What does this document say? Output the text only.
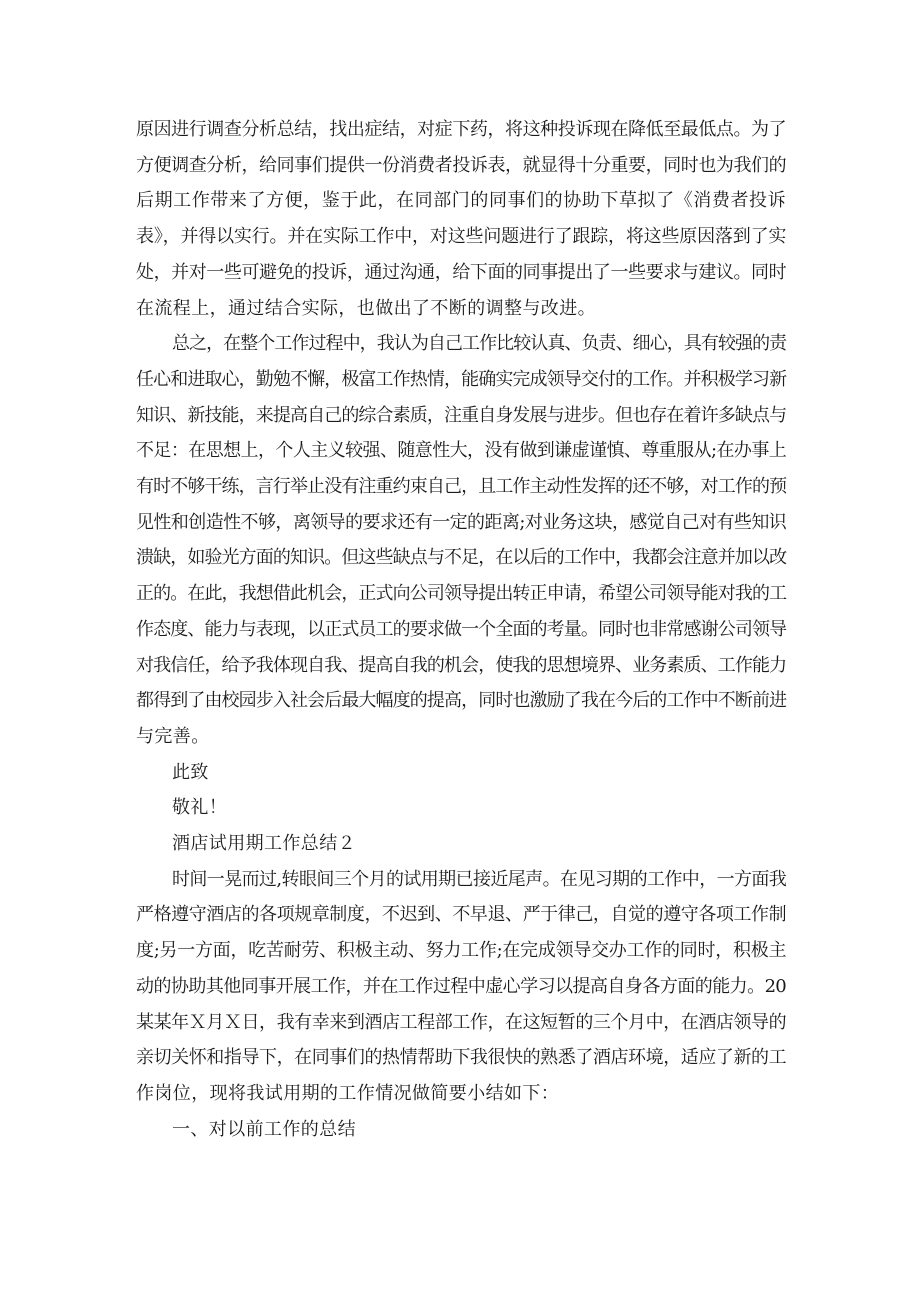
原因进行调查分析总结，找出症结，对症下药，将这种投诉现在降低至最低点。为了
方便调查分析，给同事们提供一份消费者投诉表，就显得十分重要，同时也为我们的
后期工作带来了方便，鉴于此，在同部门的同事们的协助下草拟了《消费者投诉
表》，并得以实行。并在实际工作中，对这些问题进行了跟踪，将这些原因落到了实
处，并对一些可避免的投诉，通过沟通，给下面的同事提出了一些要求与建议。同时
在流程上，通过结合实际，也做出了不断的调整与改进。
总之，在整个工作过程中，我认为自己工作比较认真、负责、细心，具有较强的责
任心和进取心，勤勉不懈，极富工作热情，能确实完成领导交付的工作。并积极学习新
知识、新技能，来提高自己的综合素质，注重自身发展与进步。但也存在着许多缺点与
不足：在思想上，个人主义较强、随意性大，没有做到谦虚谨慎、尊重服从;在办事上
有时不够干练，言行举止没有注重约束自己，且工作主动性发挥的还不够，对工作的预
见性和创造性不够，离领导的要求还有一定的距离;对业务这块，感觉自己对有些知识
溃缺，如验光方面的知识。但这些缺点与不足，在以后的工作中，我都会注意并加以改
正的。在此，我想借此机会，正式向公司领导提出转正申请，希望公司领导能对我的工
作态度、能力与表现，以正式员工的要求做一个全面的考量。同时也非常感谢公司领导
对我信任，给予我体现自我、提高自我的机会，使我的思想境界、业务素质、工作能力
都得到了由校园步入社会后最大幅度的提高，同时也激励了我在今后的工作中不断前进
与完善。
此致
敬礼！
酒店试用期工作总结２
时间一晃而过,转眼间三个月的试用期已接近尾声。在见习期的工作中，一方面我
严格遵守酒店的各项规章制度，不迟到、不早退、严于律己，自觉的遵守各项工作制
度;另一方面，吃苦耐劳、积极主动、努力工作;在完成领导交办工作的同时，积极主
动的协助其他同事开展工作，并在工作过程中虚心学习以提高自身各方面的能力。20
某某年Ｘ月Ｘ日，我有幸来到酒店工程部工作，在这短暂的三个月中，在酒店领导的
亲切关怀和指导下，在同事们的热情帮助下我很快的熟悉了酒店环境，适应了新的工
作岗位，现将我试用期的工作情况做简要小结如下：
一、对以前工作的总结
